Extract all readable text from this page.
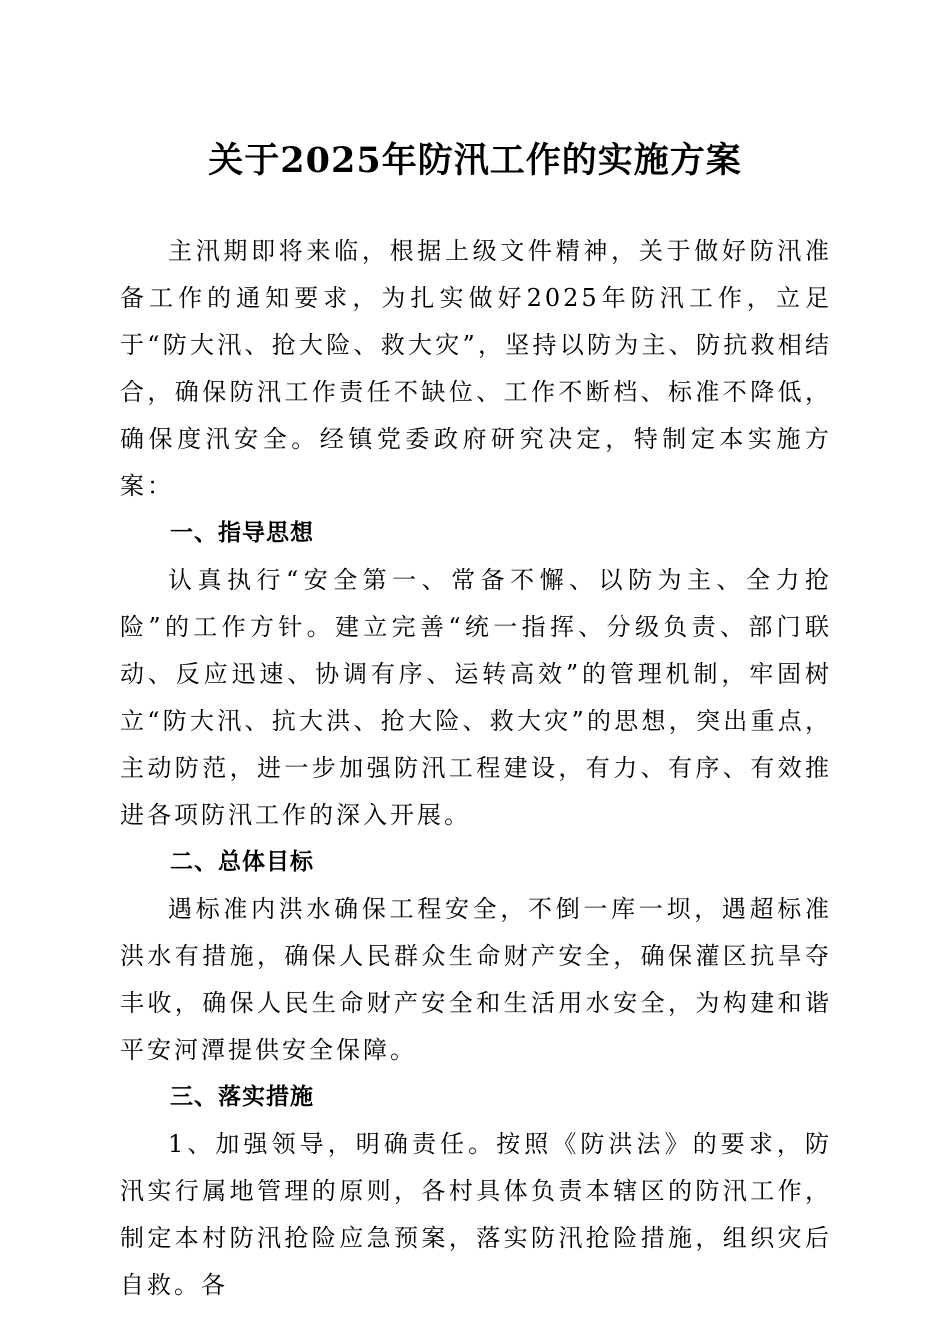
关于2025年防汛工作的实施方案

主汛期即将来临，根据上级文件精神，关于做好防汛准备工作的通知要求，为扎实做好2025年防汛工作，立足于“防大汛、抢大险、救大灾”，坚持以防为主、防抗救相结合，确保防汛工作责任不缺位、工作不断档、标准不降低，确保度汛安全。经镇党委政府研究决定，特制定本实施方案：

一、指导思想

认真执行“安全第一、常备不懈、以防为主、全力抢险”的工作方针。建立完善“统一指挥、分级负责、部门联动、反应迅速、协调有序、运转高效”的管理机制，牢固树立“防大汛、抗大洪、抢大险、救大灾”的思想，突出重点，主动防范，进一步加强防汛工程建设，有力、有序、有效推进各项防汛工作的深入开展。

二、总体目标

遇标准内洪水确保工程安全，不倒一库一坝，遇超标准洪水有措施，确保人民群众生命财产安全，确保灌区抗旱夺丰收，确保人民生命财产安全和生活用水安全，为构建和谐平安河潭提供安全保障。

三、落实措施

1、加强领导，明确责任。按照《防洪法》的要求，防汛实行属地管理的原则，各村具体负责本辖区的防汛工作，制定本村防汛抢险应急预案，落实防汛抢险措施，组织灾后自救。各
